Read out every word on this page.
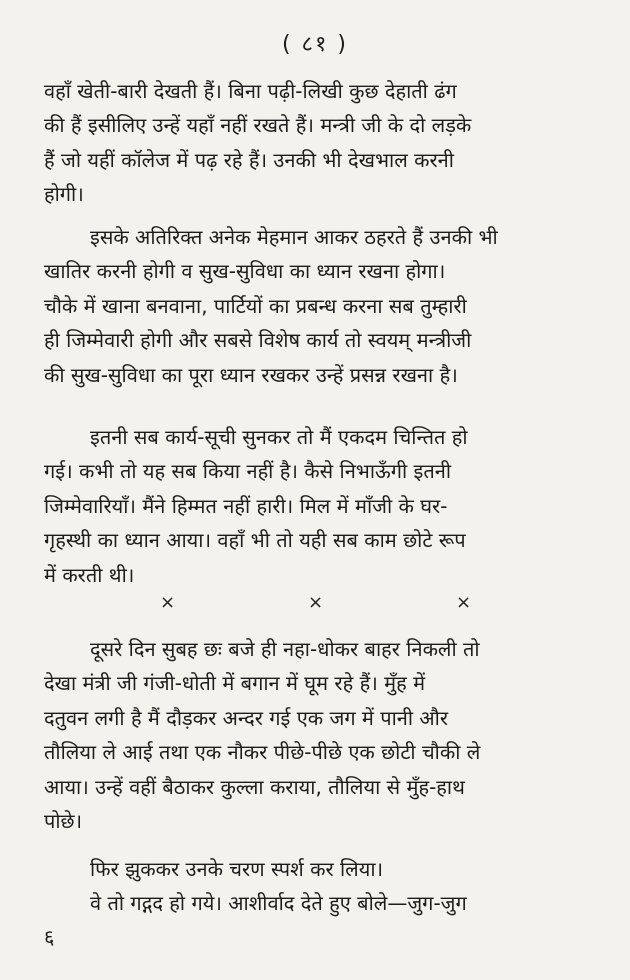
( ८१ )
वहाँ खेती-बारी देखती हैं। बिना पढ़ी-लिखी कुछ देहाती ढंग
की हैं इसीलिए उन्हें यहाँ नहीं रखते हैं। मन्त्री जी के दो लड़के
हैं जो यहीं कॉलेज में पढ़ रहे हैं। उनकी भी देखभाल करनी
होगी।
इसके अतिरिक्त अनेक मेहमान आकर ठहरते हैं उनकी भी
खातिर करनी होगी व सुख-सुविधा का ध्यान रखना होगा।
चौके में खाना बनवाना, पार्टियों का प्रबन्ध करना सब तुम्हारी
ही जिम्मेवारी होगी और सबसे विशेष कार्य तो स्वयम् मन्त्रीजी
की सुख-सुविधा का पूरा ध्यान रखकर उन्हें प्रसन्न रखना है।
इतनी सब कार्य-सूची सुनकर तो मैं एकदम चिन्तित हो
गई। कभी तो यह सब किया नहीं है। कैसे निभाऊँगी इतनी
जिम्मेवारियाँ। मैंने हिम्मत नहीं हारी। मिल में माँजी के घर-
गृहस्थी का ध्यान आया। वहाँ भी तो यही सब काम छोटे रूप
में करती थी।
×	×	×
दूसरे दिन सुबह छः बजे ही नहा-धोकर बाहर निकली तो
देखा मंत्री जी गंजी-धोती में बगान में घूम रहे हैं। मुँह में
दतुवन लगी है मैं दौड़कर अन्दर गई एक जग में पानी और
तौलिया ले आई तथा एक नौकर पीछे-पीछे एक छोटी चौकी ले
आया। उन्हें वहीं बैठाकर कुल्ला कराया, तौलिया से मुँह-हाथ
पोछे।
फिर झुककर उनके चरण स्पर्श कर लिया।
वे तो गद्गद हो गये। आशीर्वाद देते हुए बोले—जुग-जुग
६
